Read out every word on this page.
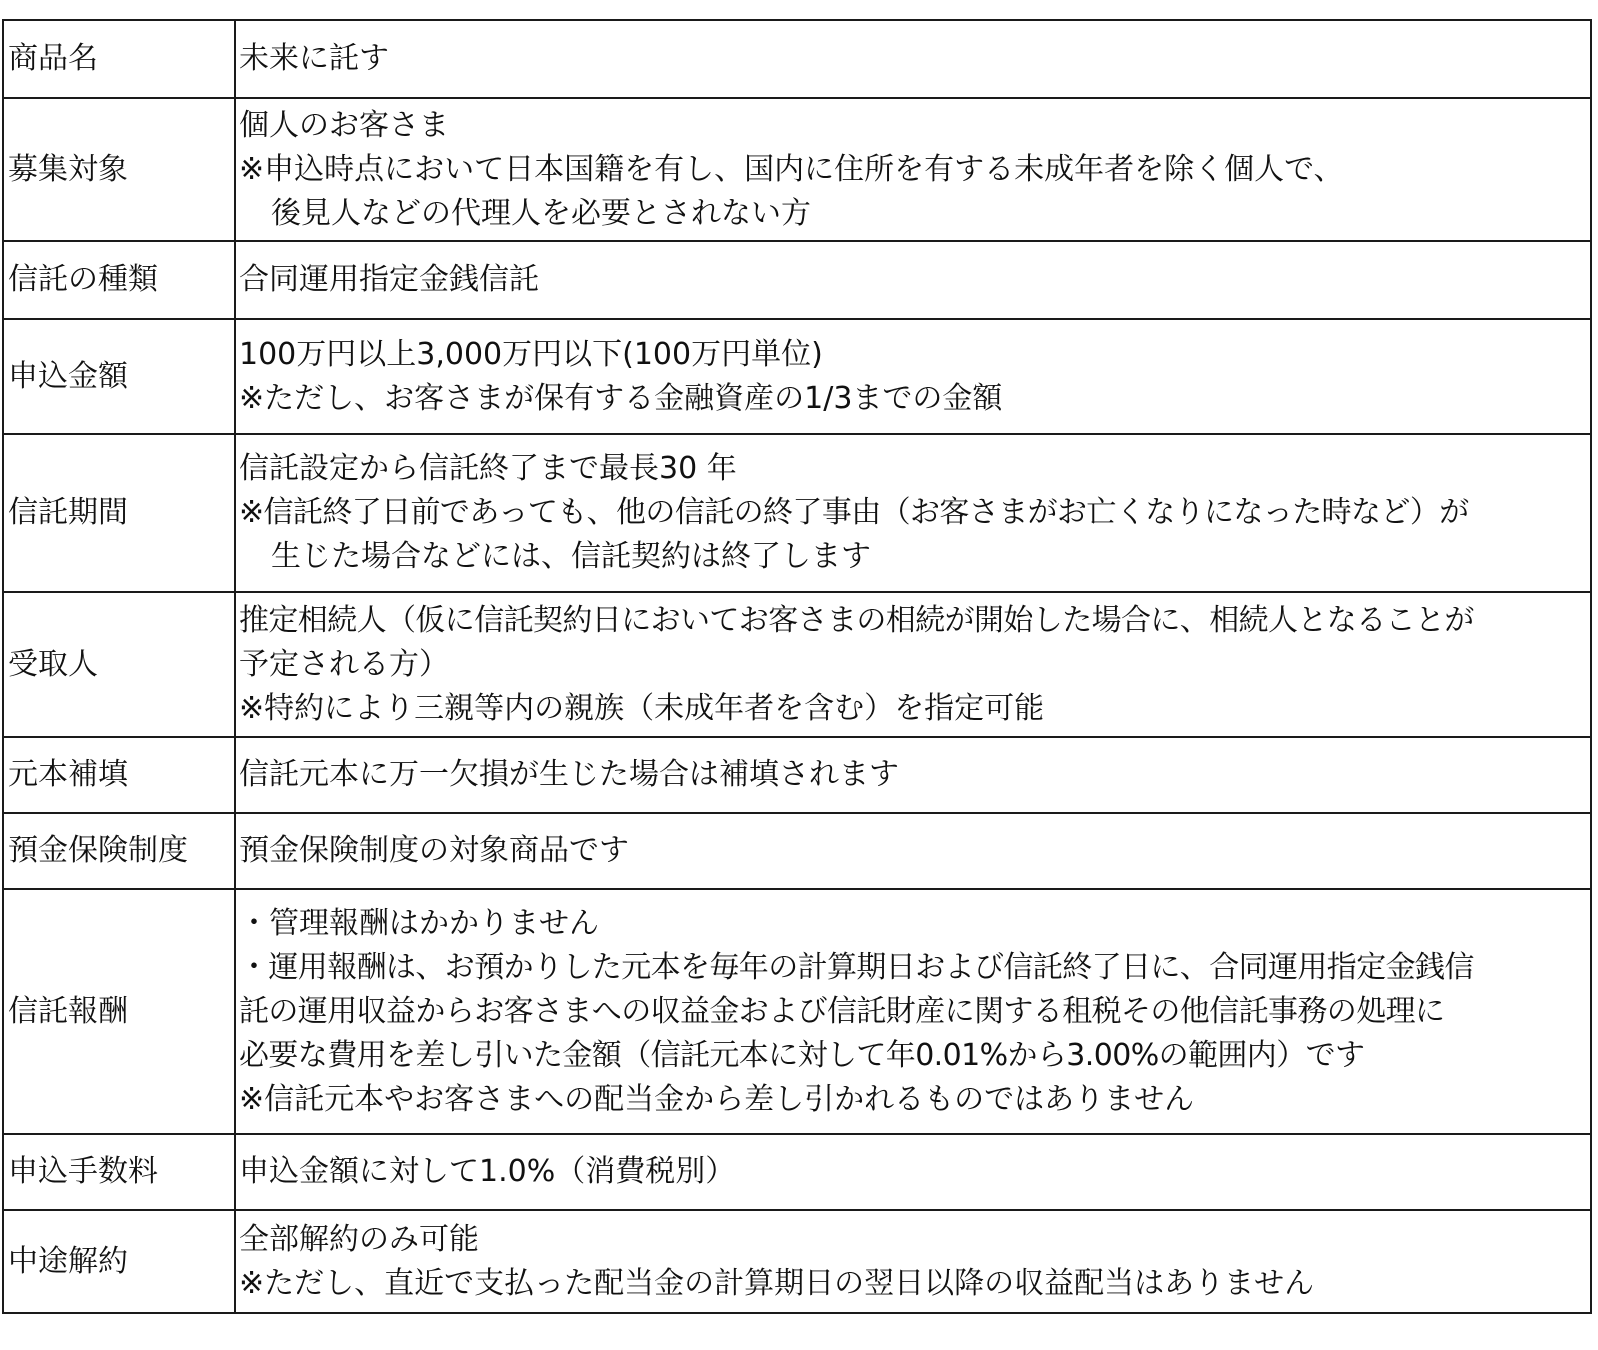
商品名	未来に託す

募集対象	個人のお客さま
※申込時点において日本国籍を有し、国内に住所を有する未成年者を除く個人で、
後見人などの代理人を必要とされない方

信託の種類	合同運用指定金銭信託

申込金額	100万円以上3,000万円以下(100万円単位)
※ただし、お客さまが保有する金融資産の1/3までの金額

信託期間	信託設定から信託終了まで最長30 年
※信託終了日前であっても、他の信託の終了事由（お客さまがお亡くなりになった時など）が
生じた場合などには、信託契約は終了します

受取人	推定相続人（仮に信託契約日においてお客さまの相続が開始した場合に、相続人となることが
予定される方）
※特約により三親等内の親族（未成年者を含む）を指定可能

元本補填	信託元本に万一欠損が生じた場合は補填されます

預金保険制度	預金保険制度の対象商品です

信託報酬	・管理報酬はかかりません
・運用報酬は、お預かりした元本を毎年の計算期日および信託終了日に、合同運用指定金銭信
託の運用収益からお客さまへの収益金および信託財産に関する租税その他信託事務の処理に
必要な費用を差し引いた金額（信託元本に対して年0.01%から3.00%の範囲内）です
※信託元本やお客さまへの配当金から差し引かれるものではありません

申込手数料	申込金額に対して1.0%（消費税別）

中途解約	全部解約のみ可能
※ただし、直近で支払った配当金の計算期日の翌日以降の収益配当はありません
